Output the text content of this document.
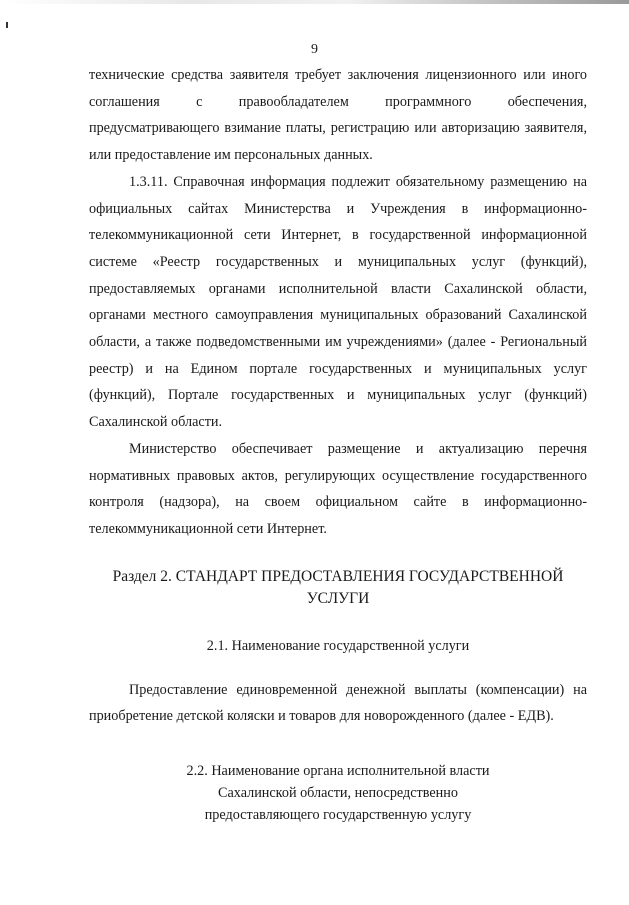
9

технические средства заявителя требует заключения лицензионного или иного соглашения с правообладателем программного обеспечения, предусматривающего взимание платы, регистрацию или авторизацию заявителя, или предоставление им персональных данных.

1.3.11. Справочная информация подлежит обязательному размещению на официальных сайтах Министерства и Учреждения в информационно-телекоммуникационной сети Интернет, в государственной информационной системе «Реестр государственных и муниципальных услуг (функций), предоставляемых органами исполнительной власти Сахалинской области, органами местного самоуправления муниципальных образований Сахалинской области, а также подведомственными им учреждениями» (далее - Региональный реестр) и на Едином портале государственных и муниципальных услуг (функций), Портале государственных и муниципальных услуг (функций) Сахалинской области.

Министерство обеспечивает размещение и актуализацию перечня нормативных правовых актов, регулирующих осуществление государственного контроля (надзора), на своем официальном сайте в информационно-телекоммуникационной сети Интернет.

Раздел 2. СТАНДАРТ ПРЕДОСТАВЛЕНИЯ ГОСУДАРСТВЕННОЙ
УСЛУГИ
2.1. Наименование государственной услуги

Предоставление единовременной денежной выплаты (компенсации) на приобретение детской коляски и товаров для новорожденного (далее - ЕДВ).

2.2. Наименование органа исполнительной власти
Сахалинской области, непосредственно
предоставляющего государственную услугу
